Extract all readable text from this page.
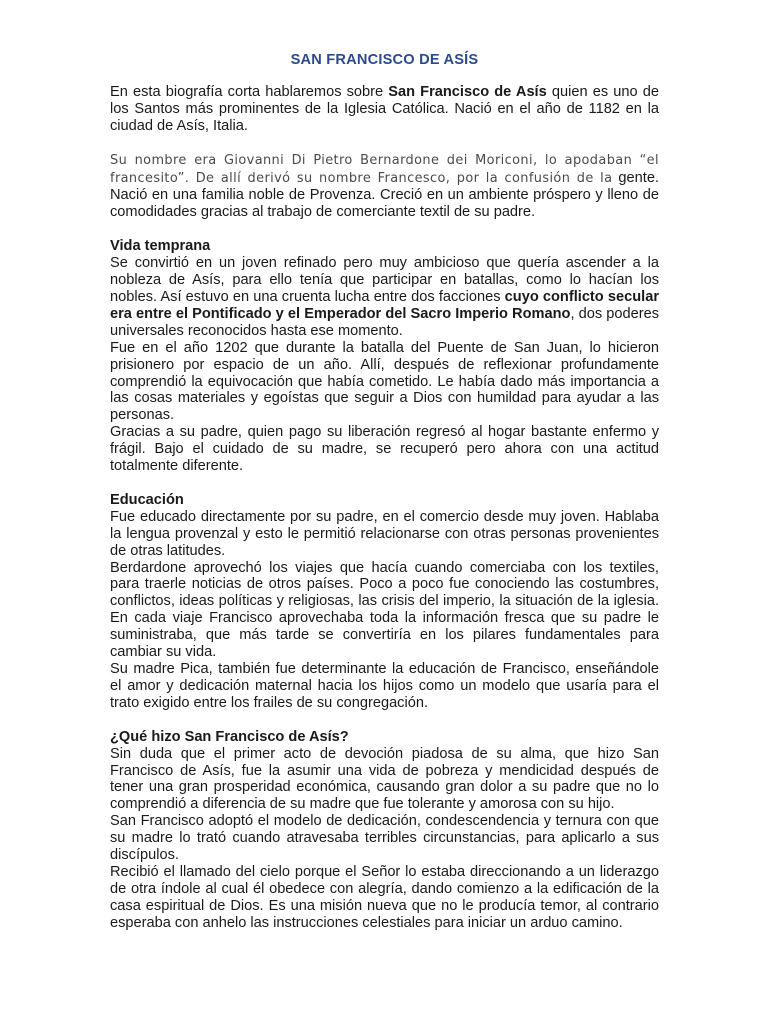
SAN FRANCISCO DE ASÍS

En esta biografía corta hablaremos sobre San Francisco de Asís quien es uno de los Santos más prominentes de la Iglesia Católica. Nació en el año de 1182 en la ciudad de Asís, Italia.

Su nombre era Giovanni Di Pietro Bernardone dei Moriconi, lo apodaban “el francesito”. De allí derivó su nombre Francesco, por la confusión de la gente. Nació en una familia noble de Provenza. Creció en un ambiente próspero y lleno de comodidades gracias al trabajo de comerciante textil de su padre.

Vida temprana

Se convirtió en un joven refinado pero muy ambicioso que quería ascender a la nobleza de Asís, para ello tenía que participar en batallas, como lo hacían los nobles. Así estuvo en una cruenta lucha entre dos facciones cuyo conflicto secular era entre el Pontificado y el Emperador del Sacro Imperio Romano, dos poderes universales reconocidos hasta ese momento.

Fue en el año 1202 que durante la batalla del Puente de San Juan, lo hicieron prisionero por espacio de un año. Allí, después de reflexionar profundamente comprendió la equivocación que había cometido. Le había dado más importancia a las cosas materiales y egoístas que seguir a Dios con humildad para ayudar a las personas.

Gracias a su padre, quien pago su liberación regresó al hogar bastante enfermo y frágil. Bajo el cuidado de su madre, se recuperó pero ahora con una actitud totalmente diferente.

Educación

Fue educado directamente por su padre, en el comercio desde muy joven. Hablaba la lengua provenzal y esto le permitió relacionarse con otras personas provenientes de otras latitudes.

Berdardone aprovechó los viajes que hacía cuando comerciaba con los textiles, para traerle noticias de otros países. Poco a poco fue conociendo las costumbres, conflictos, ideas políticas y religiosas, las crisis del imperio, la situación de la iglesia. En cada viaje Francisco aprovechaba toda la información fresca que su padre le suministraba, que más tarde se convertiría en los pilares fundamentales para cambiar su vida.

Su madre Pica, también fue determinante la educación de Francisco, enseñándole el amor y dedicación maternal hacia los hijos como un modelo que usaría para el trato exigido entre los frailes de su congregación.

¿Qué hizo San Francisco de Asís?

Sin duda que el primer acto de devoción piadosa de su alma, que hizo San Francisco de Asís, fue la asumir una vida de pobreza y mendicidad después de tener una gran prosperidad económica, causando gran dolor a su padre que no lo comprendió a diferencia de su madre que fue tolerante y amorosa con su hijo.

San Francisco adoptó el modelo de dedicación, condescendencia y ternura con que su madre lo trató cuando atravesaba terribles circunstancias, para aplicarlo a sus discípulos.

Recibió el llamado del cielo porque el Señor lo estaba direccionando a un liderazgo de otra índole al cual él obedece con alegría, dando comienzo a la edificación de la casa espiritual de Dios. Es una misión nueva que no le producía temor, al contrario esperaba con anhelo las instrucciones celestiales para iniciar un arduo camino.
